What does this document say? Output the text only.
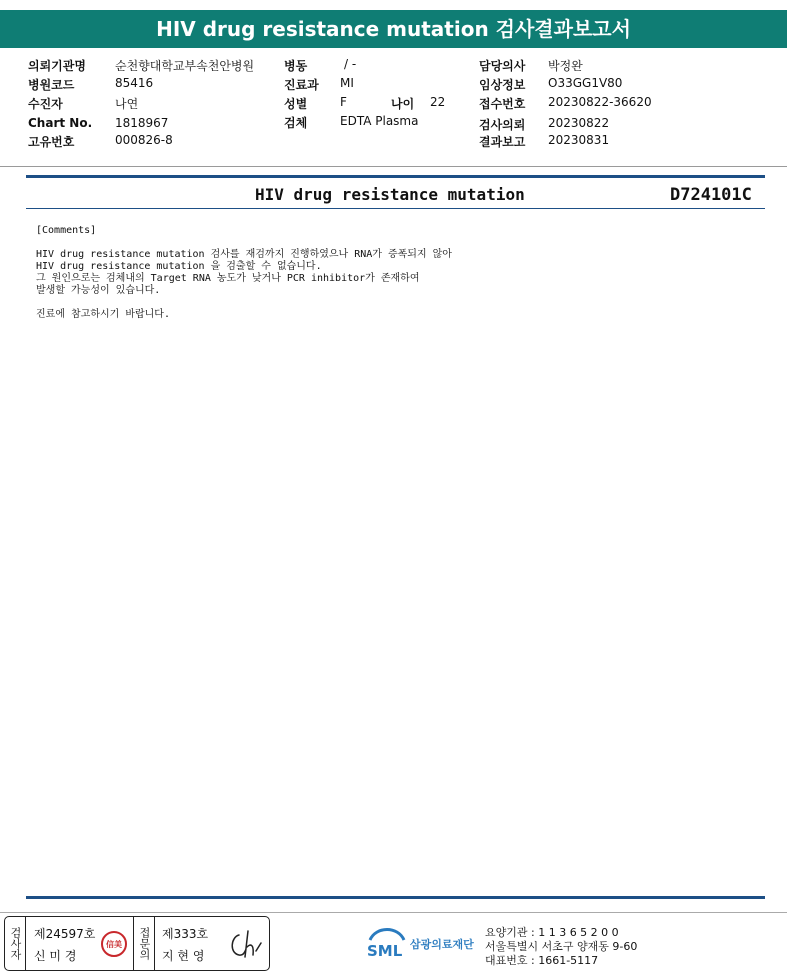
HIV drug resistance mutation 검사결과보고서
의뢰기관명 순천향대학교부속천안병원
병원코드	85416
수진자	나연
Chart No. 1818967
고유번호	000826-8
병동	/ -
진료과 MI
성별	F	나이 22
검체	EDTA Plasma
담당의사 박정완
임상정보 O33GG1V80
접수번호 20230822-36620
검사의뢰 20230822
결과보고 20230831
HIV drug resistance mutation	D724101C
[Comments]
HIV drug resistance mutation 검사를 재검까지 진행하였으나 RNA가 증폭되지 않아
HIV drug resistance mutation 을 검출할 수 없습니다.
그 원인으로는 검체내의 Target RNA 농도가 낮거나 PCR inhibitor가 존재하여
발생할 가능성이 있습니다.
진료에 참고하시기 바랍니다.
검사자 제24597호
신 미 경
信美	접문의 제333호
지 현 영	SML 삼광의료재단
요양기관 : 1 1 3 6 5 2 0 0
서울특별시 서초구 양재동 9-60
대표번호 : 1661-5117
